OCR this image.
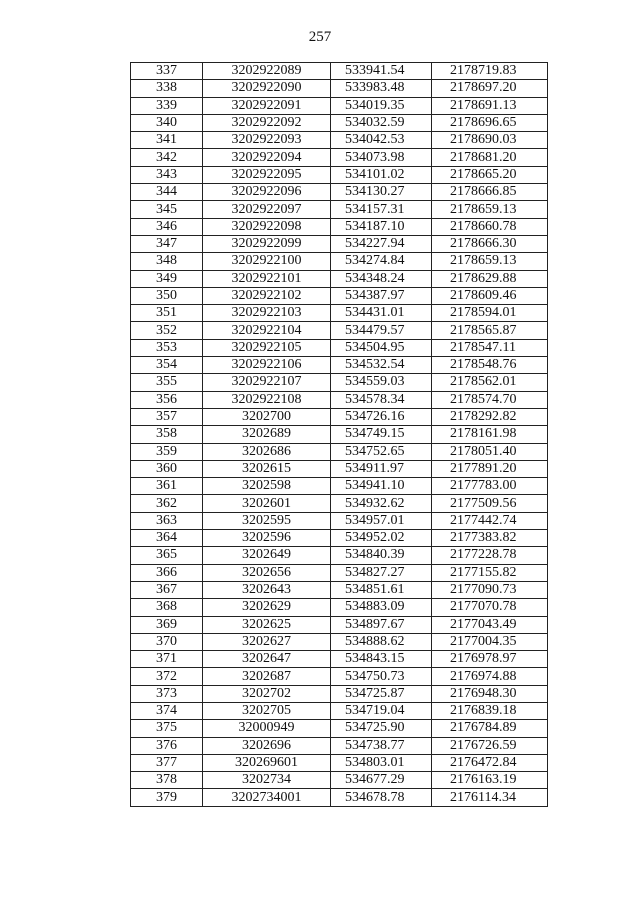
257
337	3202922089	533941.54	2178719.83
338	3202922090	533983.48	2178697.20
339	3202922091	534019.35	2178691.13
340	3202922092	534032.59	2178696.65
341	3202922093	534042.53	2178690.03
342	3202922094	534073.98	2178681.20
343	3202922095	534101.02	2178665.20
344	3202922096	534130.27	2178666.85
345	3202922097	534157.31	2178659.13
346	3202922098	534187.10	2178660.78
347	3202922099	534227.94	2178666.30
348	3202922100	534274.84	2178659.13
349	3202922101	534348.24	2178629.88
350	3202922102	534387.97	2178609.46
351	3202922103	534431.01	2178594.01
352	3202922104	534479.57	2178565.87
353	3202922105	534504.95	2178547.11
354	3202922106	534532.54	2178548.76
355	3202922107	534559.03	2178562.01
356	3202922108	534578.34	2178574.70
357	3202700	534726.16	2178292.82
358	3202689	534749.15	2178161.98
359	3202686	534752.65	2178051.40
360	3202615	534911.97	2177891.20
361	3202598	534941.10	2177783.00
362	3202601	534932.62	2177509.56
363	3202595	534957.01	2177442.74
364	3202596	534952.02	2177383.82
365	3202649	534840.39	2177228.78
366	3202656	534827.27	2177155.82
367	3202643	534851.61	2177090.73
368	3202629	534883.09	2177070.78
369	3202625	534897.67	2177043.49
370	3202627	534888.62	2177004.35
371	3202647	534843.15	2176978.97
372	3202687	534750.73	2176974.88
373	3202702	534725.87	2176948.30
374	3202705	534719.04	2176839.18
375	32000949	534725.90	2176784.89
376	3202696	534738.77	2176726.59
377	320269601	534803.01	2176472.84
378	3202734	534677.29	2176163.19
379	3202734001	534678.78	2176114.34
